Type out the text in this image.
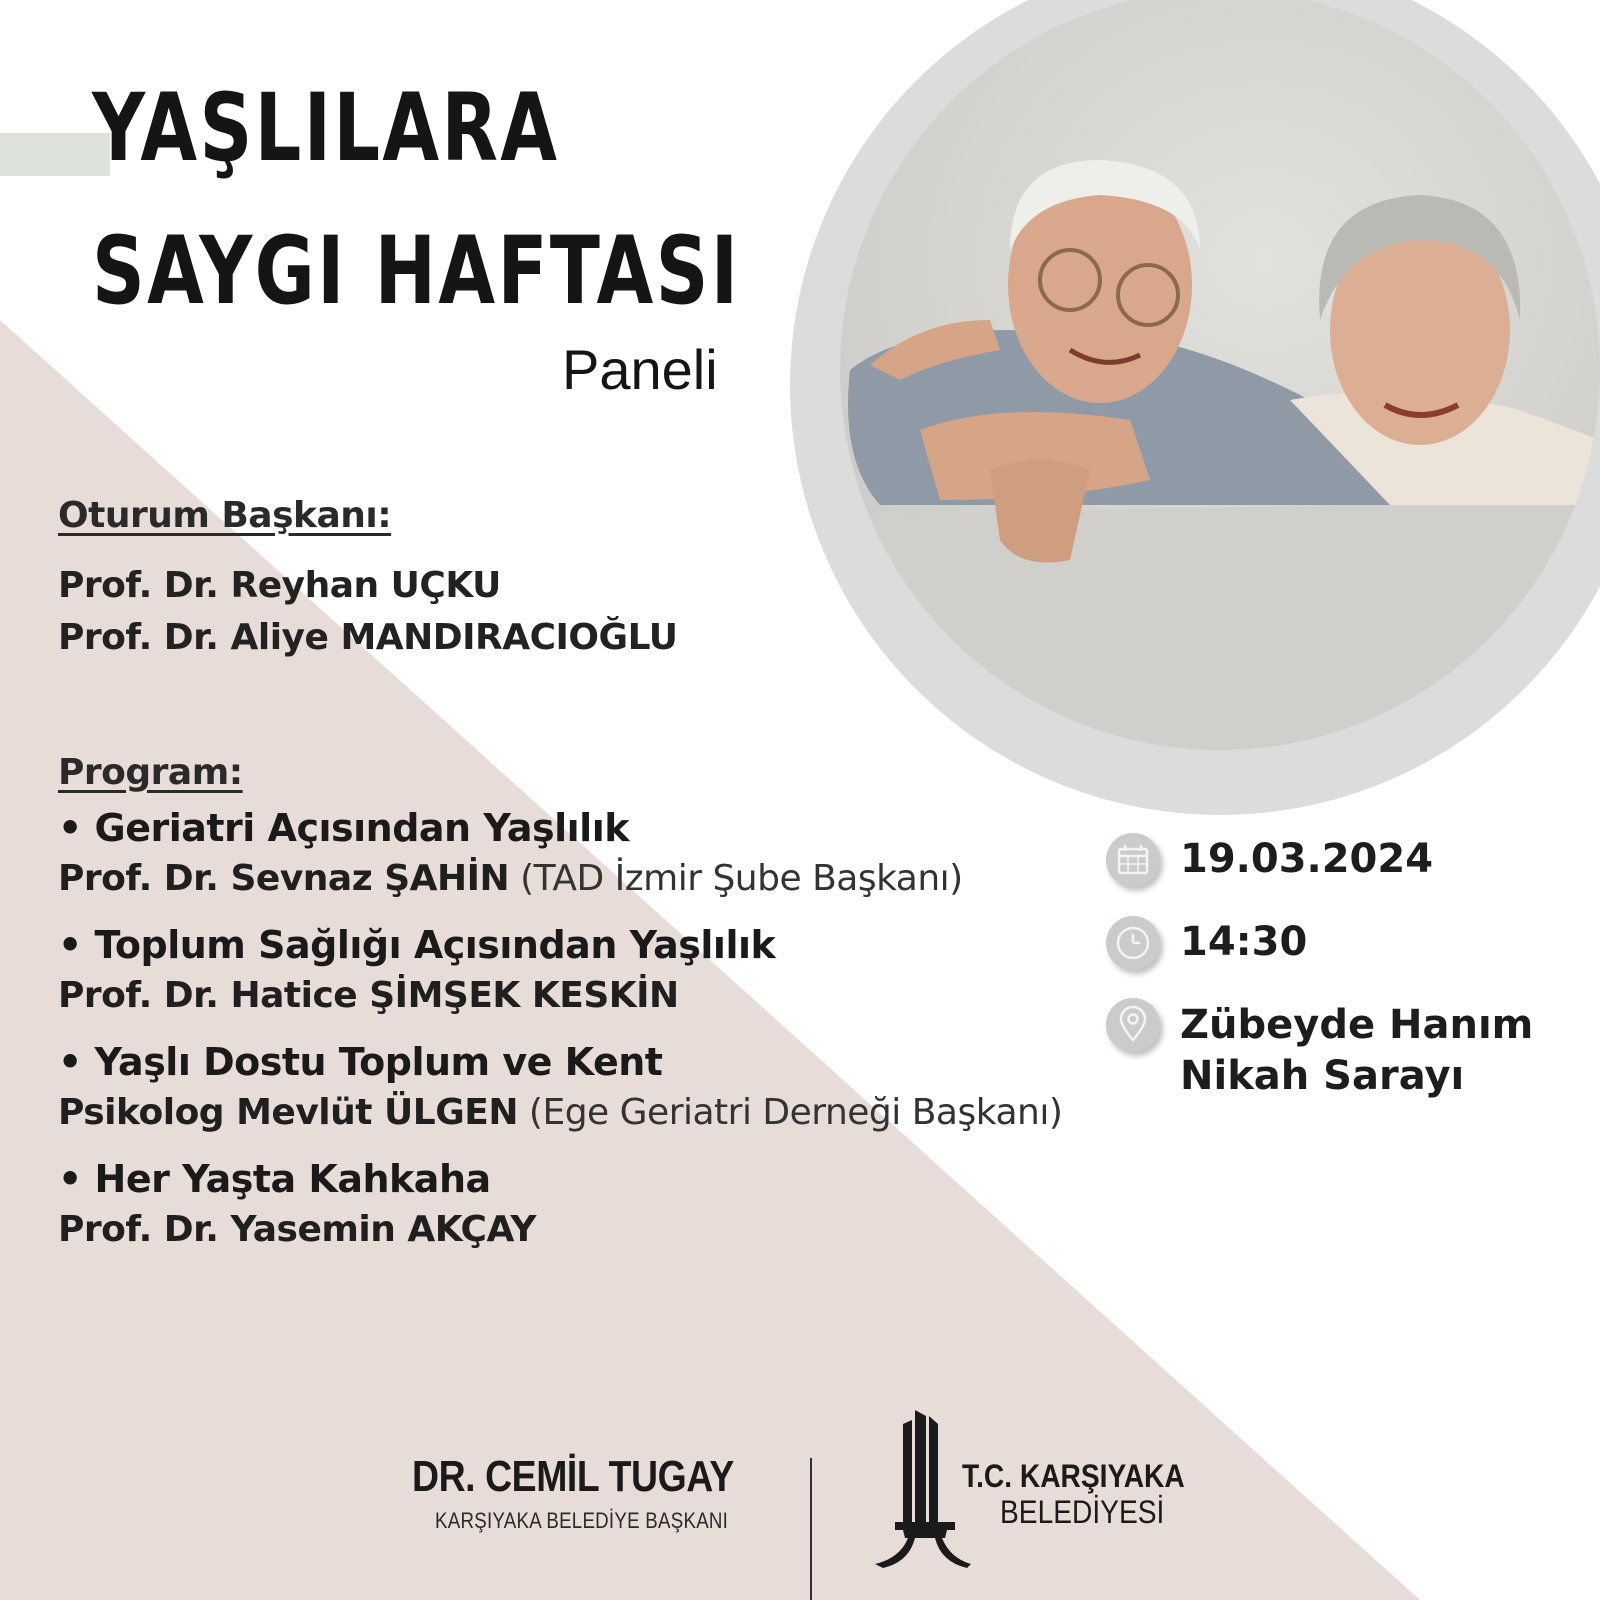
YAŞLILARA
SAYGI HAFTASI
Paneli
Oturum Başkanı:
Prof. Dr. Reyhan UÇKU
Prof. Dr. Aliye MANDIRACIOĞLU
Program:
• Geriatri Açısından Yaşlılık
Prof. Dr. Sevnaz ŞAHİN (TAD İzmir Şube Başkanı)
• Toplum Sağlığı Açısından Yaşlılık
Prof. Dr. Hatice ŞİMŞEK KESKİN
• Yaşlı Dostu Toplum ve Kent
Psikolog Mevlüt ÜLGEN (Ege Geriatri Derneği Başkanı)
• Her Yaşta Kahkaha
Prof. Dr. Yasemin AKÇAY
19.03.2024
14:30
Zübeyde Hanım
Nikah Sarayı
DR. CEMİL TUGAY
KARŞIYAKA BELEDİYE BAŞKANI
T.C. KARŞIYAKA
BELEDİYESİ
